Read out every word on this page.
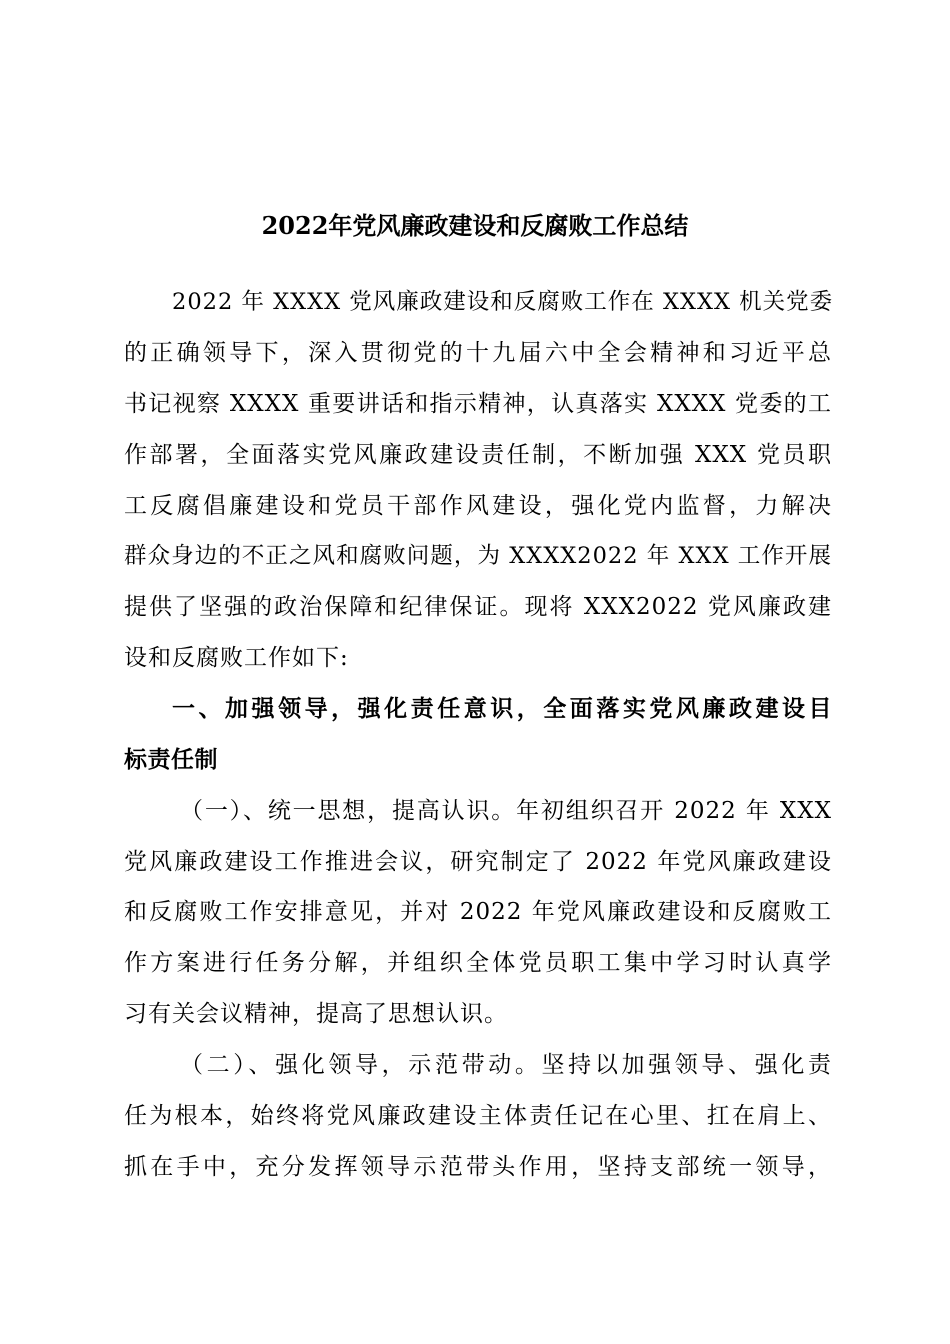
2022年党风廉政建设和反腐败工作总结
2022 年 XXXX 党风廉政建设和反腐败工作在 XXXX 机关党委
的正确领导下，深入贯彻党的十九届六中全会精神和习近平总
书记视察 XXXX 重要讲话和指示精神，认真落实 XXXX 党委的工
作部署，全面落实党风廉政建设责任制，不断加强 XXX 党员职
工反腐倡廉建设和党员干部作风建设，强化党内监督，力解决
群众身边的不正之风和腐败问题，为 XXXX2022 年 XXX 工作开展
提供了坚强的政治保障和纪律保证。现将 XXX2022 党风廉政建
设和反腐败工作如下:
一、加强领导，强化责任意识，全面落实党风廉政建设目
标责任制
（一）、统一思想，提高认识。年初组织召开 2022 年 XXX
党风廉政建设工作推进会议，研究制定了 2022 年党风廉政建设
和反腐败工作安排意见，并对 2022 年党风廉政建设和反腐败工
作方案进行任务分解，并组织全体党员职工集中学习时认真学
习有关会议精神，提高了思想认识。
（二）、强化领导，示范带动。坚持以加强领导、强化责
任为根本，始终将党风廉政建设主体责任记在心里、扛在肩上、
抓在手中，充分发挥领导示范带头作用，坚持支部统一领导，
